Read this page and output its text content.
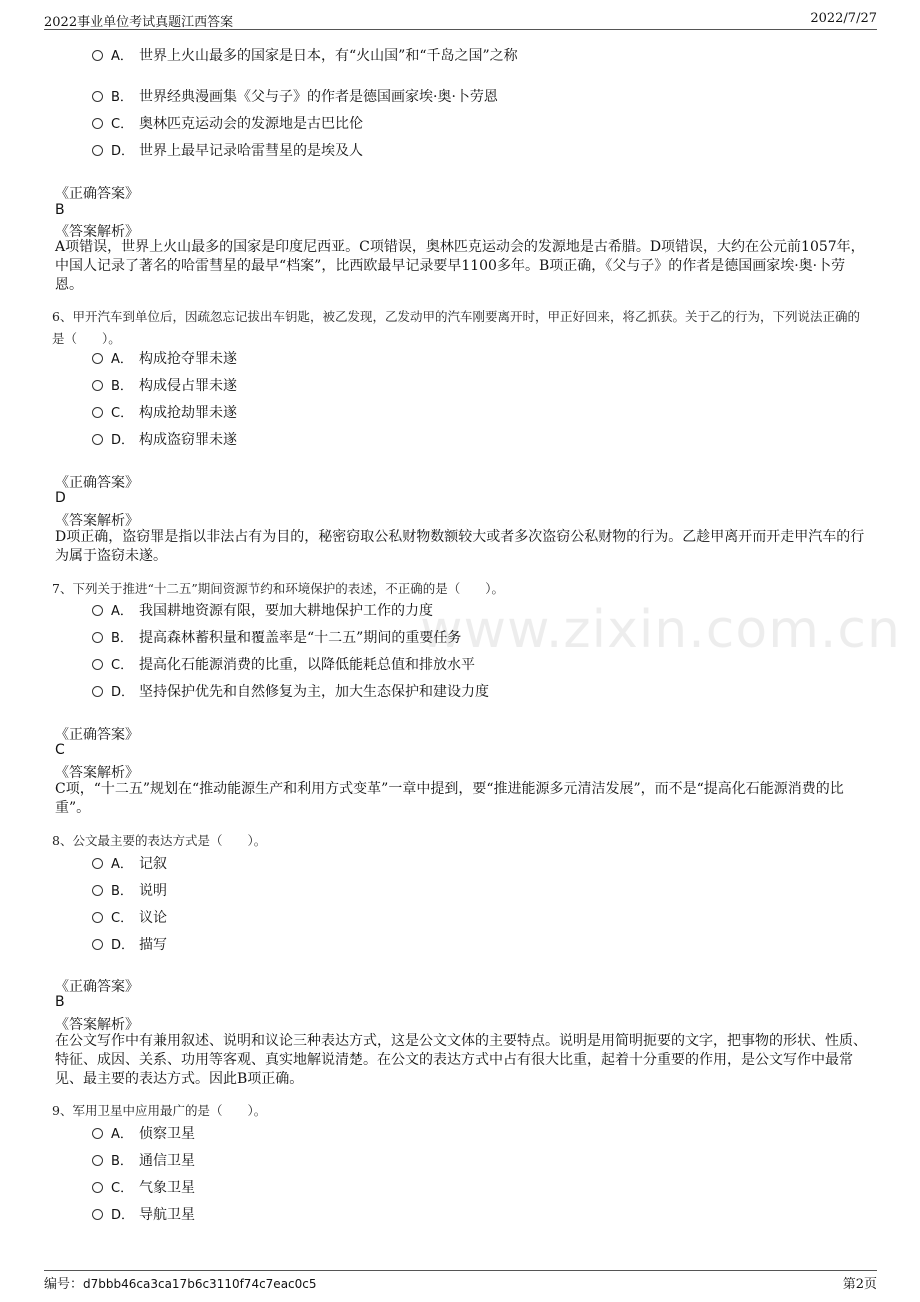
2022事业单位考试真题江西答案	2022/7/27
www.zixin.com.cn
A． 世界上火山最多的国家是日本，有“火山国”和“千岛之国”之称
B． 世界经典漫画集《父与子》的作者是德国画家埃·奥·卜劳恩
C． 奥林匹克运动会的发源地是古巴比伦
D． 世界上最早记录哈雷彗星的是埃及人
《正确答案》
B
《答案解析》
A项错误，世界上火山最多的国家是印度尼西亚。C项错误，奥林匹克运动会的发源地是古希腊。D项错误，大约在公元前1057年，中国人记录了著名的哈雷彗星的最早“档案”，比西欧最早记录要早1100多年。B项正确，《父与子》的作者是德国画家埃·奥·卜劳恩。
6、甲开汽车到单位后，因疏忽忘记拔出车钥匙，被乙发现，乙发动甲的汽车刚要离开时，甲正好回来，将乙抓获。关于乙的行为，下列说法正确的是（　　）。
A． 构成抢夺罪未遂
B． 构成侵占罪未遂
C． 构成抢劫罪未遂
D． 构成盗窃罪未遂
《正确答案》
D
《答案解析》
D项正确，盗窃罪是指以非法占有为目的，秘密窃取公私财物数额较大或者多次盗窃公私财物的行为。乙趁甲离开而开走甲汽车的行为属于盗窃未遂。
7、下列关于推进“十二五”期间资源节约和环境保护的表述，不正确的是（　　）。
A． 我国耕地资源有限，要加大耕地保护工作的力度
B． 提高森林蓄积量和覆盖率是“十二五”期间的重要任务
C． 提高化石能源消费的比重，以降低能耗总值和排放水平
D． 坚持保护优先和自然修复为主，加大生态保护和建设力度
《正确答案》
C
《答案解析》
C项，“十二五”规划在“推动能源生产和利用方式变革”一章中提到，要“推进能源多元清洁发展”，而不是“提高化石能源消费的比重”。
8、公文最主要的表达方式是（　　）。
A． 记叙
B． 说明
C． 议论
D． 描写
《正确答案》
B
《答案解析》
在公文写作中有兼用叙述、说明和议论三种表达方式，这是公文文体的主要特点。说明是用简明扼要的文字，把事物的形状、性质、特征、成因、关系、功用等客观、真实地解说清楚。在公文的表达方式中占有很大比重，起着十分重要的作用，是公文写作中最常见、最主要的表达方式。因此B项正确。
9、军用卫星中应用最广的是（　　）。
A． 侦察卫星
B． 通信卫星
C． 气象卫星
D． 导航卫星
编号：d7bbb46ca3ca17b6c3110f74c7eac0c5	第2页
